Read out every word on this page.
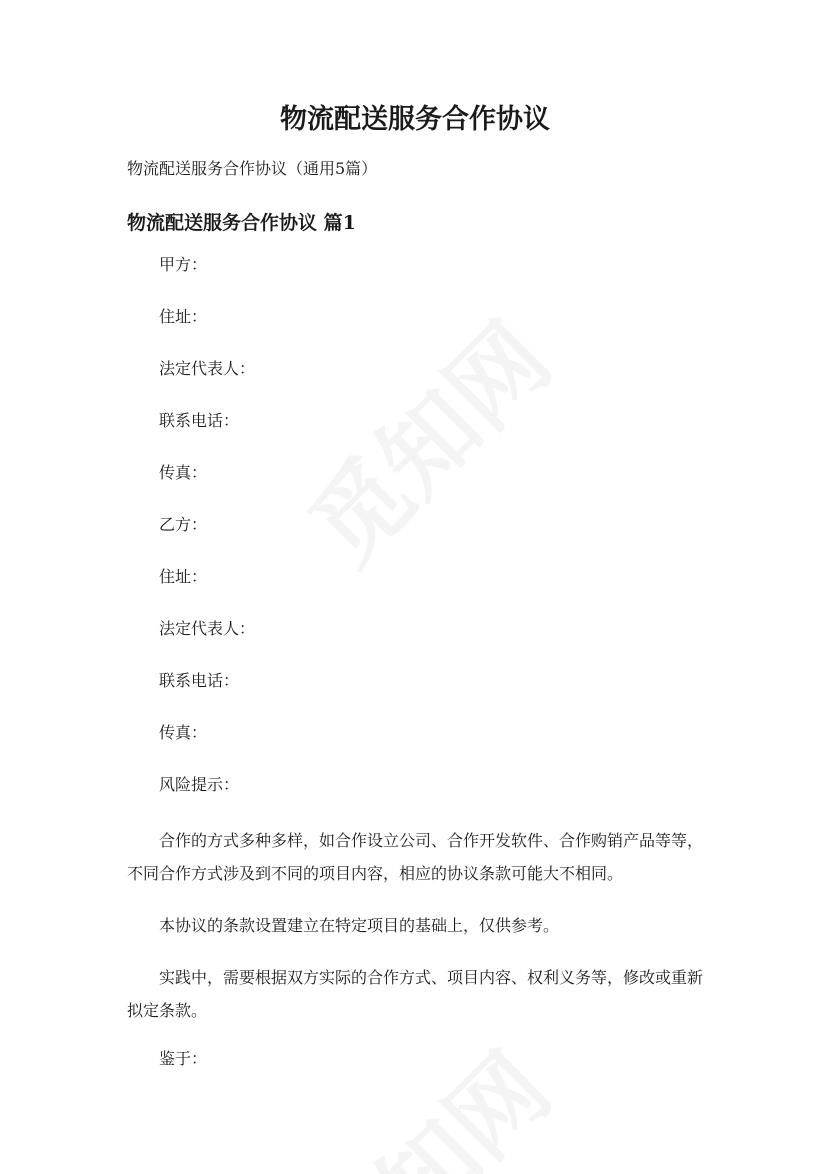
物流配送服务合作协议

物流配送服务合作协议（通用5篇）

物流配送服务合作协议 篇1

甲方：

住址：

法定代表人：

联系电话：

传真：

乙方：

住址：

法定代表人：

联系电话：

传真：

风险提示：

合作的方式多种多样，如合作设立公司、合作开发软件、合作购销产品等等，不同合作方式涉及到不同的项目内容，相应的协议条款可能大不相同。

本协议的条款设置建立在特定项目的基础上，仅供参考。

实践中，需要根据双方实际的合作方式、项目内容、权利义务等，修改或重新拟定条款。

鉴于：
